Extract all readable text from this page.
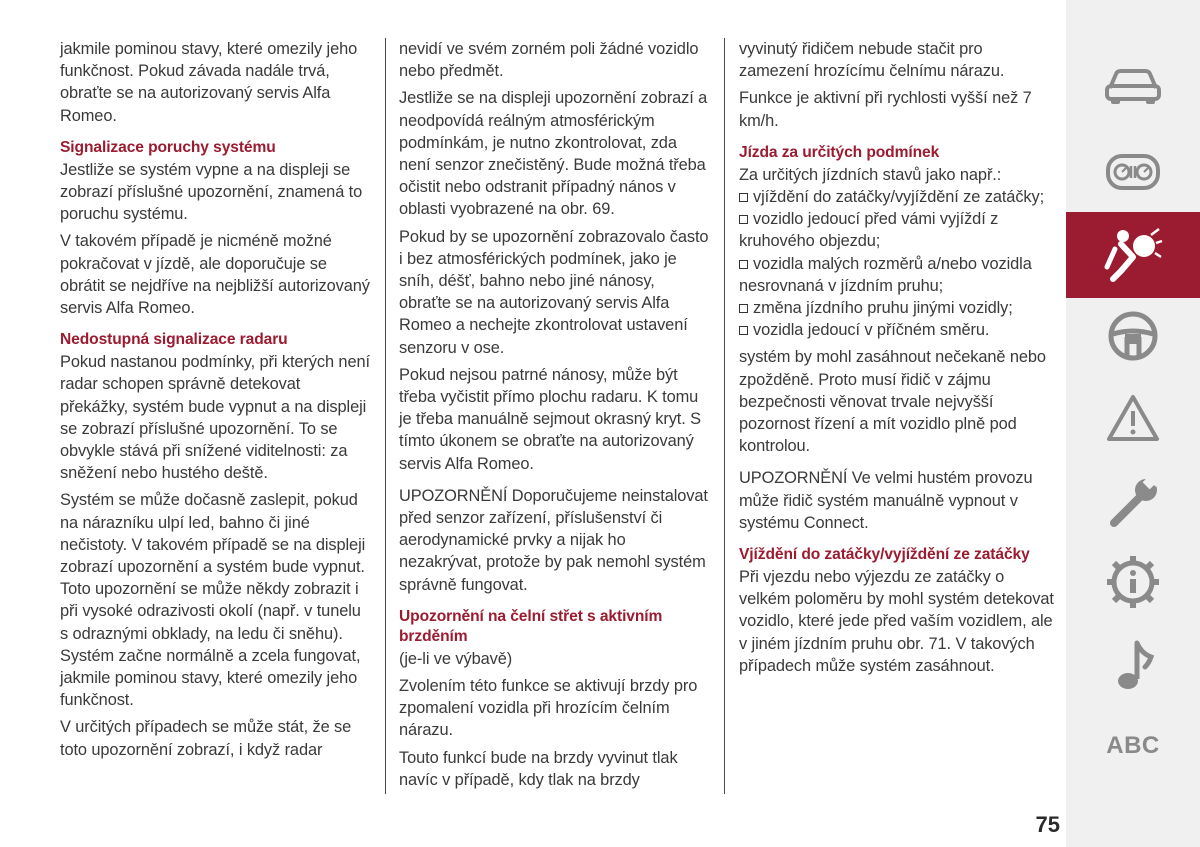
jakmile pominou stavy, které omezily jeho funkčnost. Pokud závada nadále trvá, obraťte se na autorizovaný servis Alfa Romeo.

Signalizace poruchy systému

Jestliže se systém vypne a na displeji se zobrazí příslušné upozornění, znamená to poruchu systému.

V takovém případě je nicméně možné pokračovat v jízdě, ale doporučuje se obrátit se nejdříve na nejbližší autorizovaný servis Alfa Romeo.

Nedostupná signalizace radaru

Pokud nastanou podmínky, při kterých není radar schopen správně detekovat překážky, systém bude vypnut a na displeji se zobrazí příslušné upozornění. To se obvykle stává při snížené viditelnosti: za sněžení nebo hustého deště.

Systém se může dočasně zaslepit, pokud na nárazníku ulpí led, bahno či jiné nečistoty. V takovém případě se na displeji zobrazí upozornění a systém bude vypnut. Toto upozornění se může někdy zobrazit i při vysoké odrazivosti okolí (např. v tunelu s odraznými obklady, na ledu či sněhu). Systém začne normálně a zcela fungovat, jakmile pominou stavy, které omezily jeho funkčnost.

V určitých případech se může stát, že se toto upozornění zobrazí, i když radar

nevidí ve svém zorném poli žádné vozidlo nebo předmět.

Jestliže se na displeji upozornění zobrazí a neodpovídá reálným atmosférickým podmínkám, je nutno zkontrolovat, zda není senzor znečistěný. Bude možná třeba očistit nebo odstranit případný nános v oblasti vyobrazené na obr. 69.

Pokud by se upozornění zobrazovalo často i bez atmosférických podmínek, jako je sníh, déšť, bahno nebo jiné nánosy, obraťte se na autorizovaný servis Alfa Romeo a nechejte zkontrolovat ustavení senzoru v ose.

Pokud nejsou patrné nánosy, může být třeba vyčistit přímo plochu radaru. K tomu je třeba manuálně sejmout okrasný kryt. S tímto úkonem se obraťte na autorizovaný servis Alfa Romeo.

UPOZORNĚNÍ Doporučujeme neinstalovat před senzor zařízení, příslušenství či aerodynamické prvky a nijak ho nezakrývat, protože by pak nemohl systém správně fungovat.

Upozornění na čelní střet s aktivním brzděním

(je-li ve výbavě)

Zvolením této funkce se aktivují brzdy pro zpomalení vozidla při hrozícím čelním nárazu.

Touto funkcí bude na brzdy vyvinut tlak navíc v případě, kdy tlak na brzdy

vyvinutý řidičem nebude stačit pro zamezení hrozícímu čelnímu nárazu.

Funkce je aktivní při rychlosti vyšší než 7 km/h.

Jízda za určitých podmínek

Za určitých jízdních stavů jako např.:

vjíždění do zatáčky/vyjíždění ze zatáčky;
vozidlo jedoucí před vámi vyjíždí z kruhového objezdu;
vozidla malých rozměrů a/nebo vozidla nesrovnaná v jízdním pruhu;
změna jízdního pruhu jinými vozidly;
vozidla jedoucí v příčném směru.

systém by mohl zasáhnout nečekaně nebo zpožděně. Proto musí řidič v zájmu bezpečnosti věnovat trvale nejvyšší pozornost řízení a mít vozidlo plně pod kontrolou.

UPOZORNĚNÍ Ve velmi hustém provozu může řidič systém manuálně vypnout v systému Connect.

Vjíždění do zatáčky/vyjíždění ze zatáčky

Při vjezdu nebo výjezdu ze zatáčky o velkém poloměru by mohl systém detekovat vozidlo, které jede před vaším vozidlem, ale v jiném jízdním pruhu obr. 71. V takových případech může systém zasáhnout.

ABC
75
